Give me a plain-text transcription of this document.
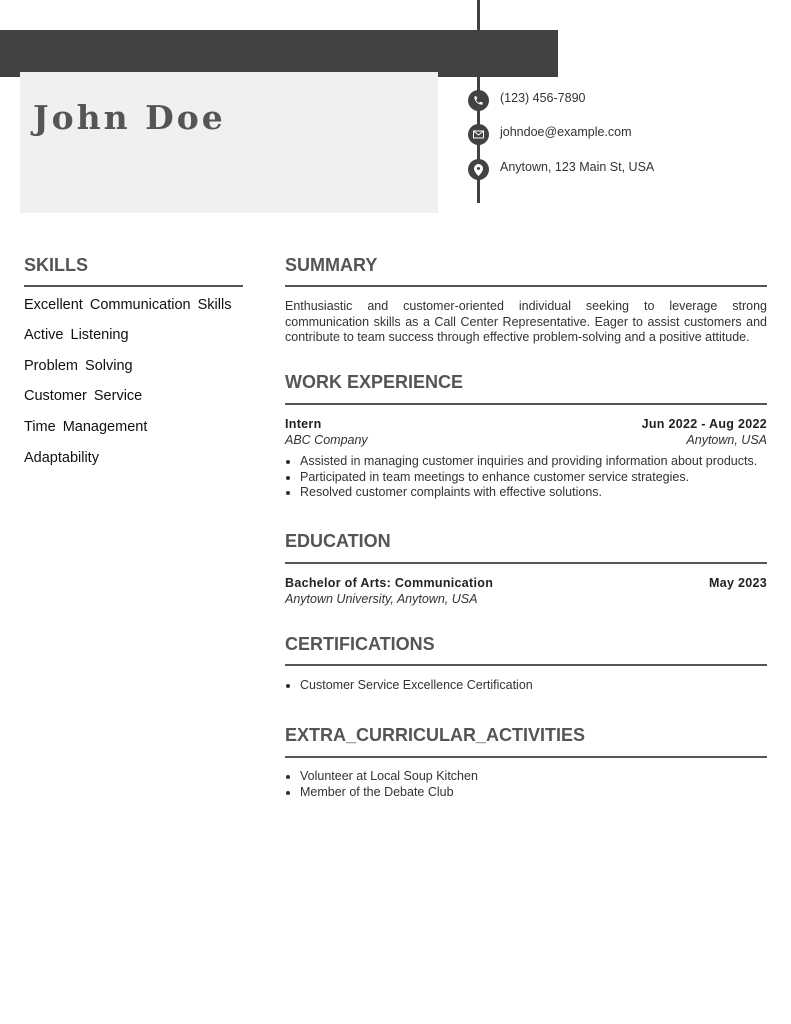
John Doe	(123) 456-7890
johndoe@example.com
Anytown, 123 Main St, USA
SKILLS
Excellent Communication Skills
Active Listening
Problem Solving
Customer Service
Time Management
Adaptability
SUMMARY
Enthusiastic and customer-oriented individual seeking to leverage strong communication skills as a Call Center Representative. Eager to assist customers and contribute to team success through effective problem-solving and a positive attitude.
WORK EXPERIENCE
Intern	Jun 2022 - Aug 2022
ABC Company	Anytown, USA
• Assisted in managing customer inquiries and providing information about products.
• Participated in team meetings to enhance customer service strategies.
• Resolved customer complaints with effective solutions.
EDUCATION
Bachelor of Arts: Communication	May 2023
Anytown University, Anytown, USA
CERTIFICATIONS
• Customer Service Excellence Certification
EXTRA_CURRICULAR_ACTIVITIES
• Volunteer at Local Soup Kitchen
• Member of the Debate Club
